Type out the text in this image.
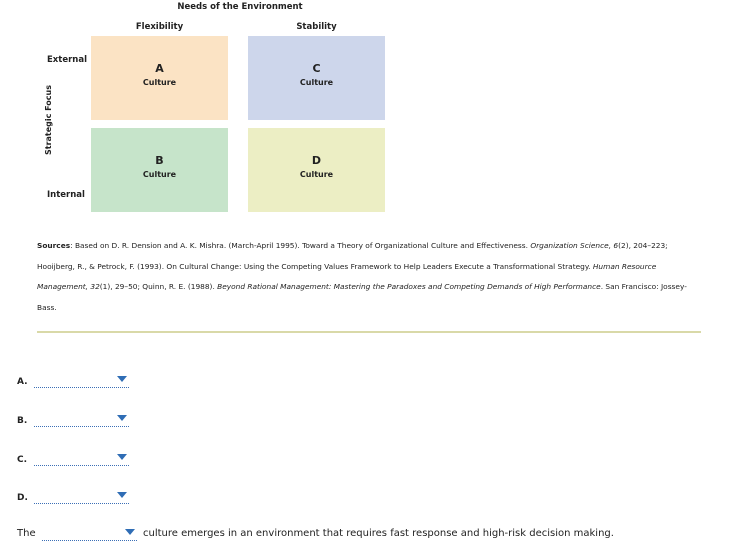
Needs of the Environment
Flexibility	Stability
External
Internal
Strategic Focus
A
Culture
C
Culture
B
Culture
D
Culture
Sources: Based on D. R. Dension and A. K. Mishra. (March-April 1995). Toward a Theory of Organizational Culture and Effectiveness. Organization Science, 6(2), 204–223; Hooijberg, R., & Petrock, F. (1993). On Cultural Change: Using the Competing Values Framework to Help Leaders Execute a Transformational Strategy. Human Resource Management, 32(1), 29–50; Quinn, R. E. (1988). Beyond Rational Management: Mastering the Paradoxes and Competing Demands of High Performance. San Francisco: Jossey-Bass.
A.
B.
C.
D.
The	culture emerges in an environment that requires fast response and high-risk decision making.
